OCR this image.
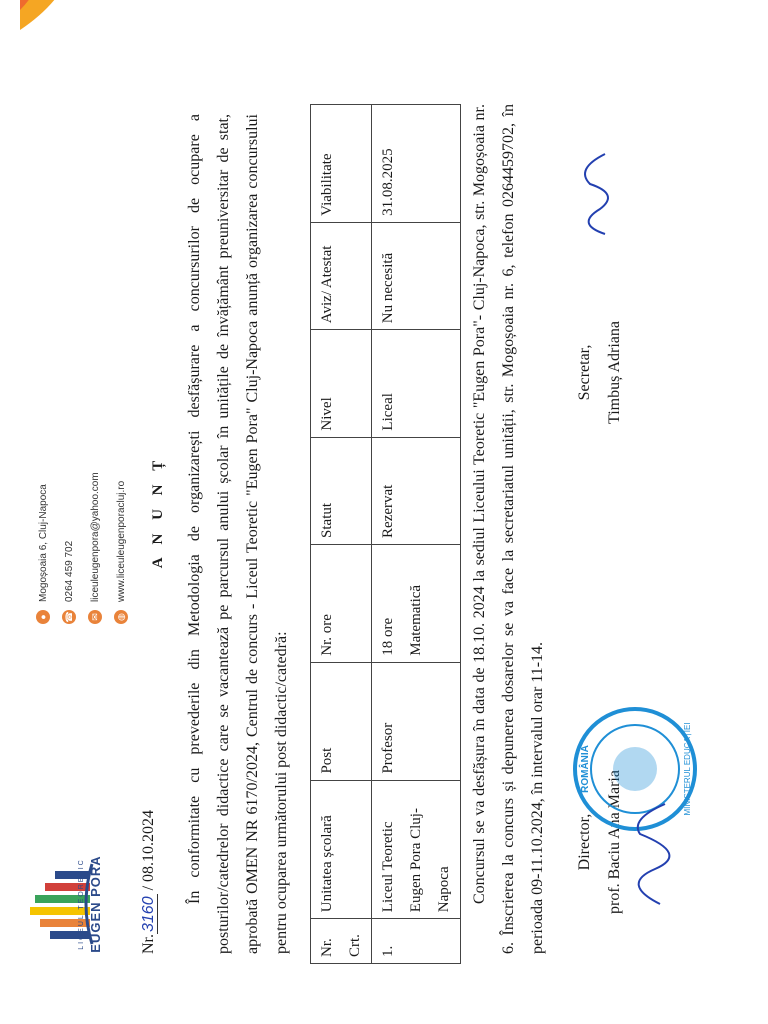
LICEUL TEORETIC EUGEN PORA
●
Mogoșoaia 6, Cluj-Napoca
☎
0264 459 702
✉
liceuleugenpora@yahoo.com
◍
www.liceuleugenporacluj.ro
Nr.3160 / 08.10.2024
A N U N Ț	În conformitate cu prevederile din Metodologia de organizarești desfășurare a concursurilor de ocupare a posturilor/catedrelor didactice care se vacantează pe parcursul anului școlar în unitățile de învățământ preuniversitar de stat, aprobată OMEN NR 6170/2024, Centrul de concurs - Liceul Teoretic "Eugen Pora" Cluj-Napoca anunță organizarea concursului pentru ocuparea următorului post didactic/catedră:	Nr. Crt.	Unitatea școlară	Post	Nr. ore	Statut	Nivel	Aviz/ Atestat	Viabilitate
1.	Liceul Teoretic Eugen Pora Cluj-Napoca	Profesor	18 ore Matematică	Rezervat	Liceal	Nu necesită	31.08.2025	Concursul se va desfășura în data de 18.10. 2024 la sediul Liceului Teoretic "Eugen Pora"- Cluj-Napoca, str. Mogoșoaia nr. 6. Înscrierea la concurs și depunerea dosarelor se va face la secretariatul unității, str. Mogoșoaia nr. 6, telefon 0264459702, în perioada 09-11.10.2024, în intervalul orar 11-14.	Director, prof. Baciu Ana Maria
ROMÂNIA	MINISTERUL EDUCAȚIEI
Secretar, Timbuș Adriana
